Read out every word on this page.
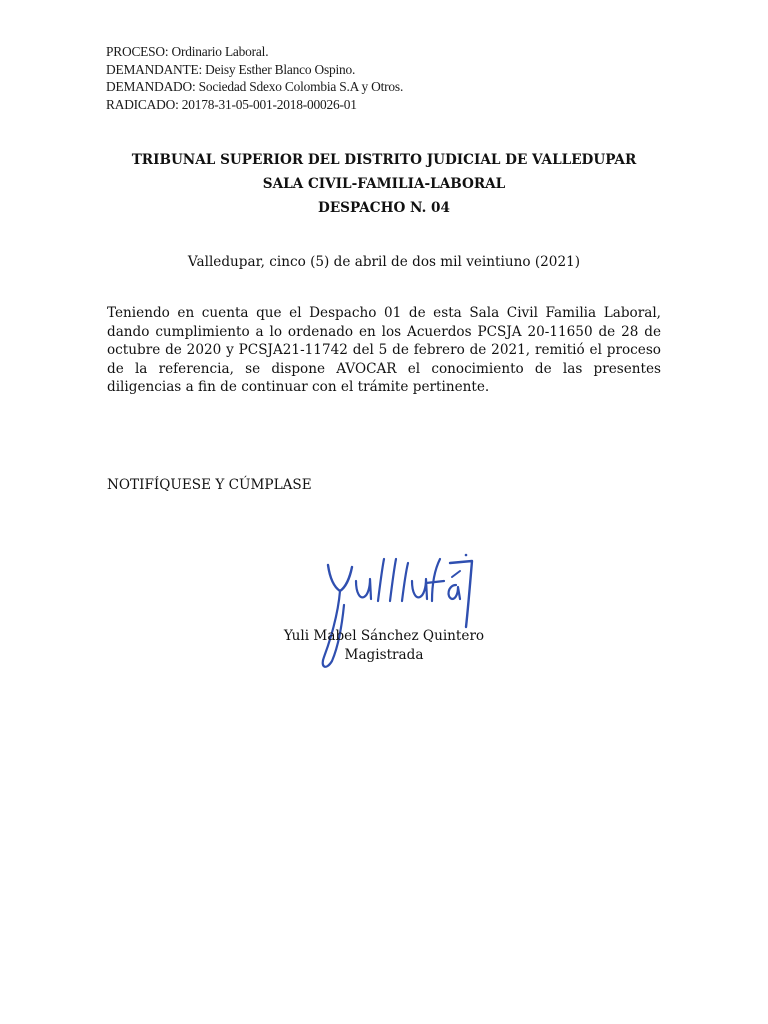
PROCESO: Ordinario Laboral.
DEMANDANTE: Deisy Esther Blanco Ospino.
DEMANDADO: Sociedad Sdexo Colombia S.A y Otros.
RADICADO: 20178-31-05-001-2018-00026-01
TRIBUNAL SUPERIOR DEL DISTRITO JUDICIAL DE VALLEDUPAR
SALA CIVIL-FAMILIA-LABORAL
DESPACHO N. 04
Valledupar, cinco (5) de abril de dos mil veintiuno (2021)
Teniendo en cuenta que el Despacho 01 de esta Sala Civil Familia Laboral, dando cumplimiento a lo ordenado en los Acuerdos PCSJA 20-11650 de 28 de octubre de 2020 y PCSJA21-11742 del 5 de febrero de 2021, remitió el proceso de la referencia, se dispone AVOCAR el conocimiento de las presentes diligencias a fin de continuar con el trámite pertinente.
NOTIFÍQUESE Y CÚMPLASE
Yuli Mabel Sánchez Quintero
Magistrada
